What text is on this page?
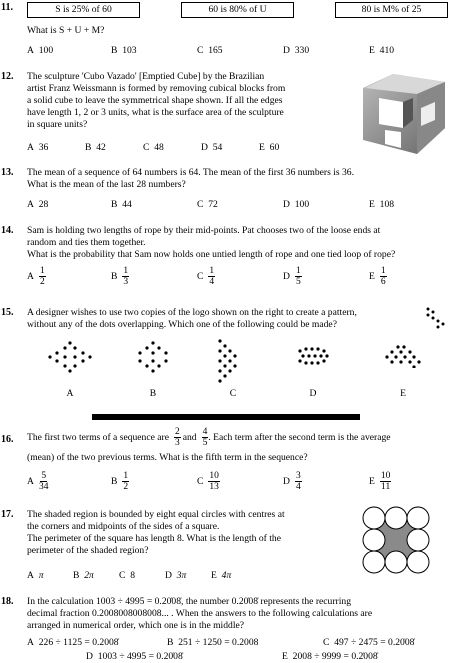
11.	S is 25% of 60	60 is 80% of U	80 is M% of 25
What is S + U + M?
A
100	B
103	C
165	D
330	E
410
12. The sculpture 'Cubo Vazado' [Emptied Cube] by the Brazilian
artist Franz Weissmann is formed by removing cubical blocks from
a solid cube to leave the symmetrical shape shown. If all the edges
have length 1, 2 or 3 units, what is the surface area of the sculpture
in square units?
A
36	B
42	C
48	D
54	E
60
13. The mean of a sequence of 64 numbers is 64. The mean of the first 36 numbers is 36.
What is the mean of the last 28 numbers?
A
28	B
44	C
72	D
100	E
108
14. Sam is holding two lengths of rope by their mid-points. Pat chooses two of the loose ends at
random and ties them together.
What is the probability that Sam now holds one untied length of rope and one tied loop of rope?
A $\frac{1}{2}$	B $\frac{1}{3}$	C $\frac{1}{4}$	D $\frac{1}{5}$	E $\frac{1}{6}$
15. A designer wishes to use two copies of the logo shown on the right to create a pattern,
without any of the dots overlapping. Which one of the following could be made?
A	B	C	D	E
16. The first two terms of a sequence are $\frac{2}{3}$ and $\frac{4}{5}$ . Each term after the second term is the average
(mean) of the two previous terms. What is the fifth term in the sequence?
A $\frac{5}{34}$	B $\frac{1}{2}$	C $\frac{10}{13}$	D $\frac{3}{4}$	E $\frac{10}{11}$
17. The shaded region is bounded by eight equal circles with centres at
the corners and midpoints of the sides of a square.
The perimeter of the square has length 8. What is the length of the
perimeter of the shaded region?
A
π	B
2π	C
8	D
3π	E
4π
18. In the calculation 1003 ÷ 4995 = 0.20̇08̇, the number 0.20̇08̇ represents the recurring
decimal fraction 0.2008008008008... . When the answers to the following calculations are
arranged in numerical order, which one is in the middle?
A
226 ÷ 1125 = 0.2008̇	B
251 ÷ 1250 = 0.2008	C
497 ÷ 2475 = 0.20̇08̇
D
1003 ÷ 4995 = 0.20̇08̇	E
2008 ÷ 9999 = 0.2̇008̇
